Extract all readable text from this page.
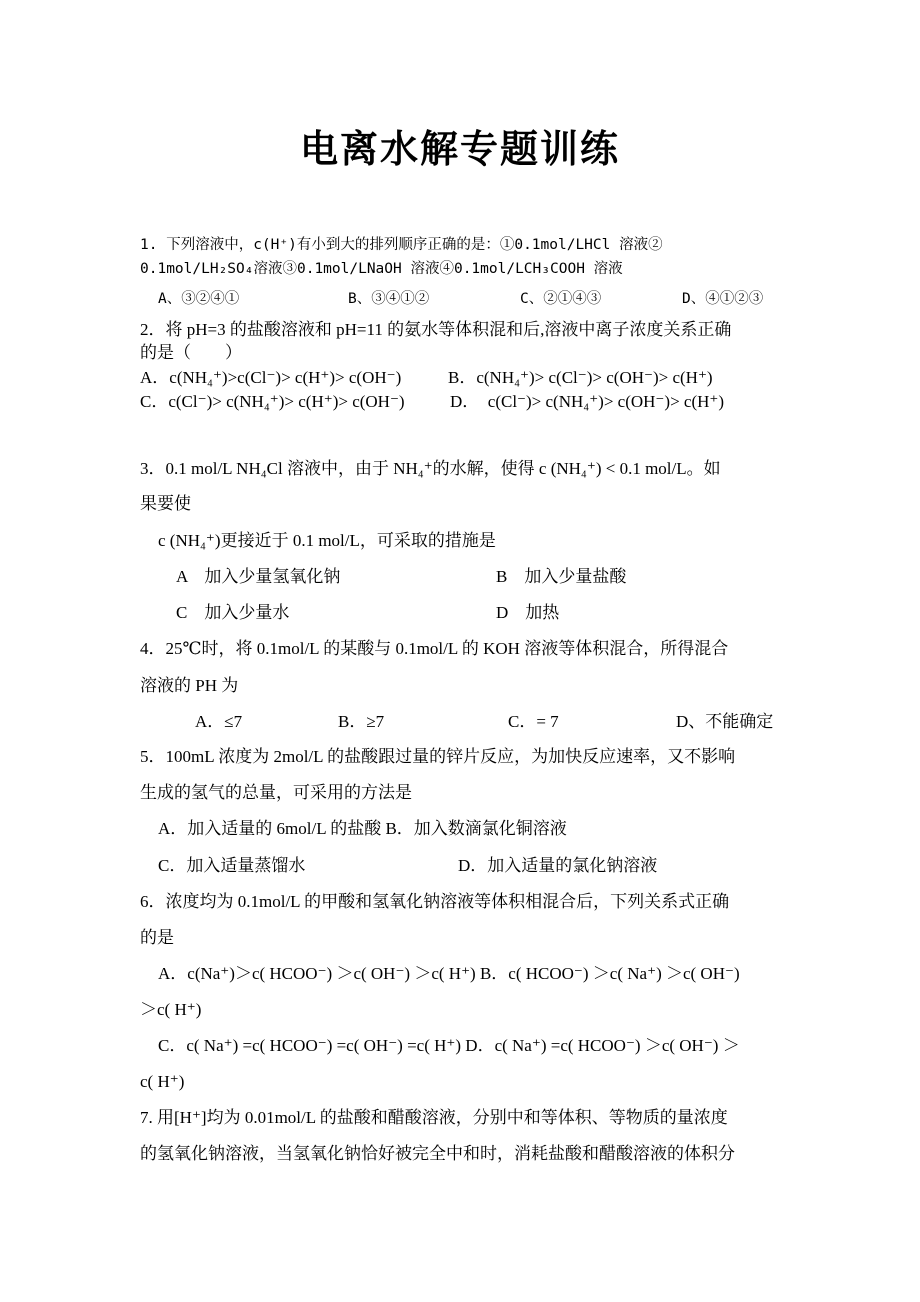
电离水解专题训练
1. 下列溶液中，c(H⁺)有小到大的排列顺序正确的是：①0.1mol/LHCl 溶液②
0.1mol/LH₂SO₄溶液③0.1mol/LNaOH 溶液④0.1mol/LCH₃COOH 溶液
A、③②④①	B、③④①②	C、②①④③	D、④①②③
2．将 pH=3 的盐酸溶液和 pH=11 的氨水等体积混和后,溶液中离子浓度关系正确
的是（　　）
A．c(NH₄⁺)>c(Cl⁻)> c(H⁺)> c(OH⁻)	B．c(NH₄⁺)> c(Cl⁻)> c(OH⁻)> c(H⁺)
C．c(Cl⁻)> c(NH₄⁺)> c(H⁺)> c(OH⁻)	D．　c(Cl⁻)> c(NH₄⁺)> c(OH⁻)> c(H⁺)
3．0.1 mol/L NH₄Cl 溶液中，由于 NH₄⁺的水解，使得 c (NH₄⁺) < 0.1 mol/L。如
果要使
c (NH₄⁺)更接近于 0.1 mol/L，可采取的措施是
A　加入少量氢氧化钠	B　加入少量盐酸
C　加入少量水	D　加热
4．25℃时，将 0.1mol/L 的某酸与 0.1mol/L 的 KOH 溶液等体积混合，所得混合
溶液的 PH 为
A．≤7	B．≥7	C．= 7	D、不能确定
5．100mL 浓度为 2mol/L 的盐酸跟过量的锌片反应，为加快反应速率，又不影响
生成的氢气的总量，可采用的方法是
A．加入适量的 6mol/L 的盐酸 B．加入数滴氯化铜溶液
C．加入适量蒸馏水	D．加入适量的氯化钠溶液
6．浓度均为 0.1mol/L 的甲酸和氢氧化钠溶液等体积相混合后，下列关系式正确
的是
A．c(Na⁺)＞c( HCOO⁻) ＞c( OH⁻) ＞c( H⁺) B．c( HCOO⁻) ＞c( Na⁺) ＞c( OH⁻)
＞c( H⁺)
C．c( Na⁺) =c( HCOO⁻) =c( OH⁻) =c( H⁺) D．c( Na⁺) =c( HCOO⁻) ＞c( OH⁻) ＞
c( H⁺)
7. 用[H⁺]均为 0.01mol/L 的盐酸和醋酸溶液，分别中和等体积、等物质的量浓度
的氢氧化钠溶液，当氢氧化钠恰好被完全中和时，消耗盐酸和醋酸溶液的体积分
